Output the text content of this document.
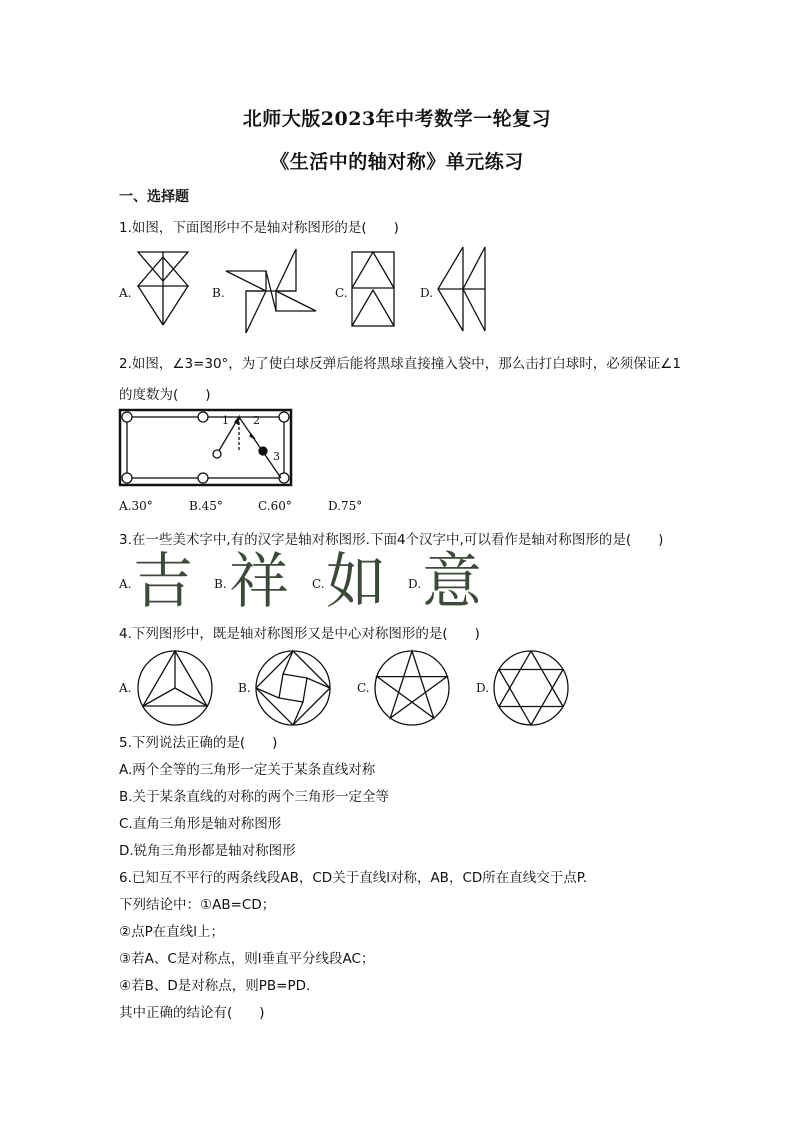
北师大版2023年中考数学一轮复习
《生活中的轴对称》单元练习
一、选择题
1.如图，下面图形中不是轴对称图形的是(　　)
A.	B.	C.	D.
2.如图，∠3=30°，为了使白球反弹后能将黑球直接撞入袋中，那么击打白球时，必须保证∠1
的度数为(　　)
1 2
3
A.30°	B.45°	C.60°	D.75°
3.在一些美术字中,有的汉字是轴对称图形.下面4个汉字中,可以看作是轴对称图形的是(　　)
A. 吉 B. 祥 C. 如 D. 意
4.下列图形中，既是轴对称图形又是中心对称图形的是(　　)
A.	B.	C.	D.
5.下列说法正确的是(　　)
A.两个全等的三角形一定关于某条直线对称
B.关于某条直线的对称的两个三角形一定全等
C.直角三角形是轴对称图形
D.锐角三角形都是轴对称图形
6.已知互不平行的两条线段AB，CD关于直线l对称，AB，CD所在直线交于点P.
下列结论中：①AB=CD；
②点P在直线l上；
③若A、C是对称点，则l垂直平分线段AC；
④若B、D是对称点，则PB=PD.
其中正确的结论有(　　)
